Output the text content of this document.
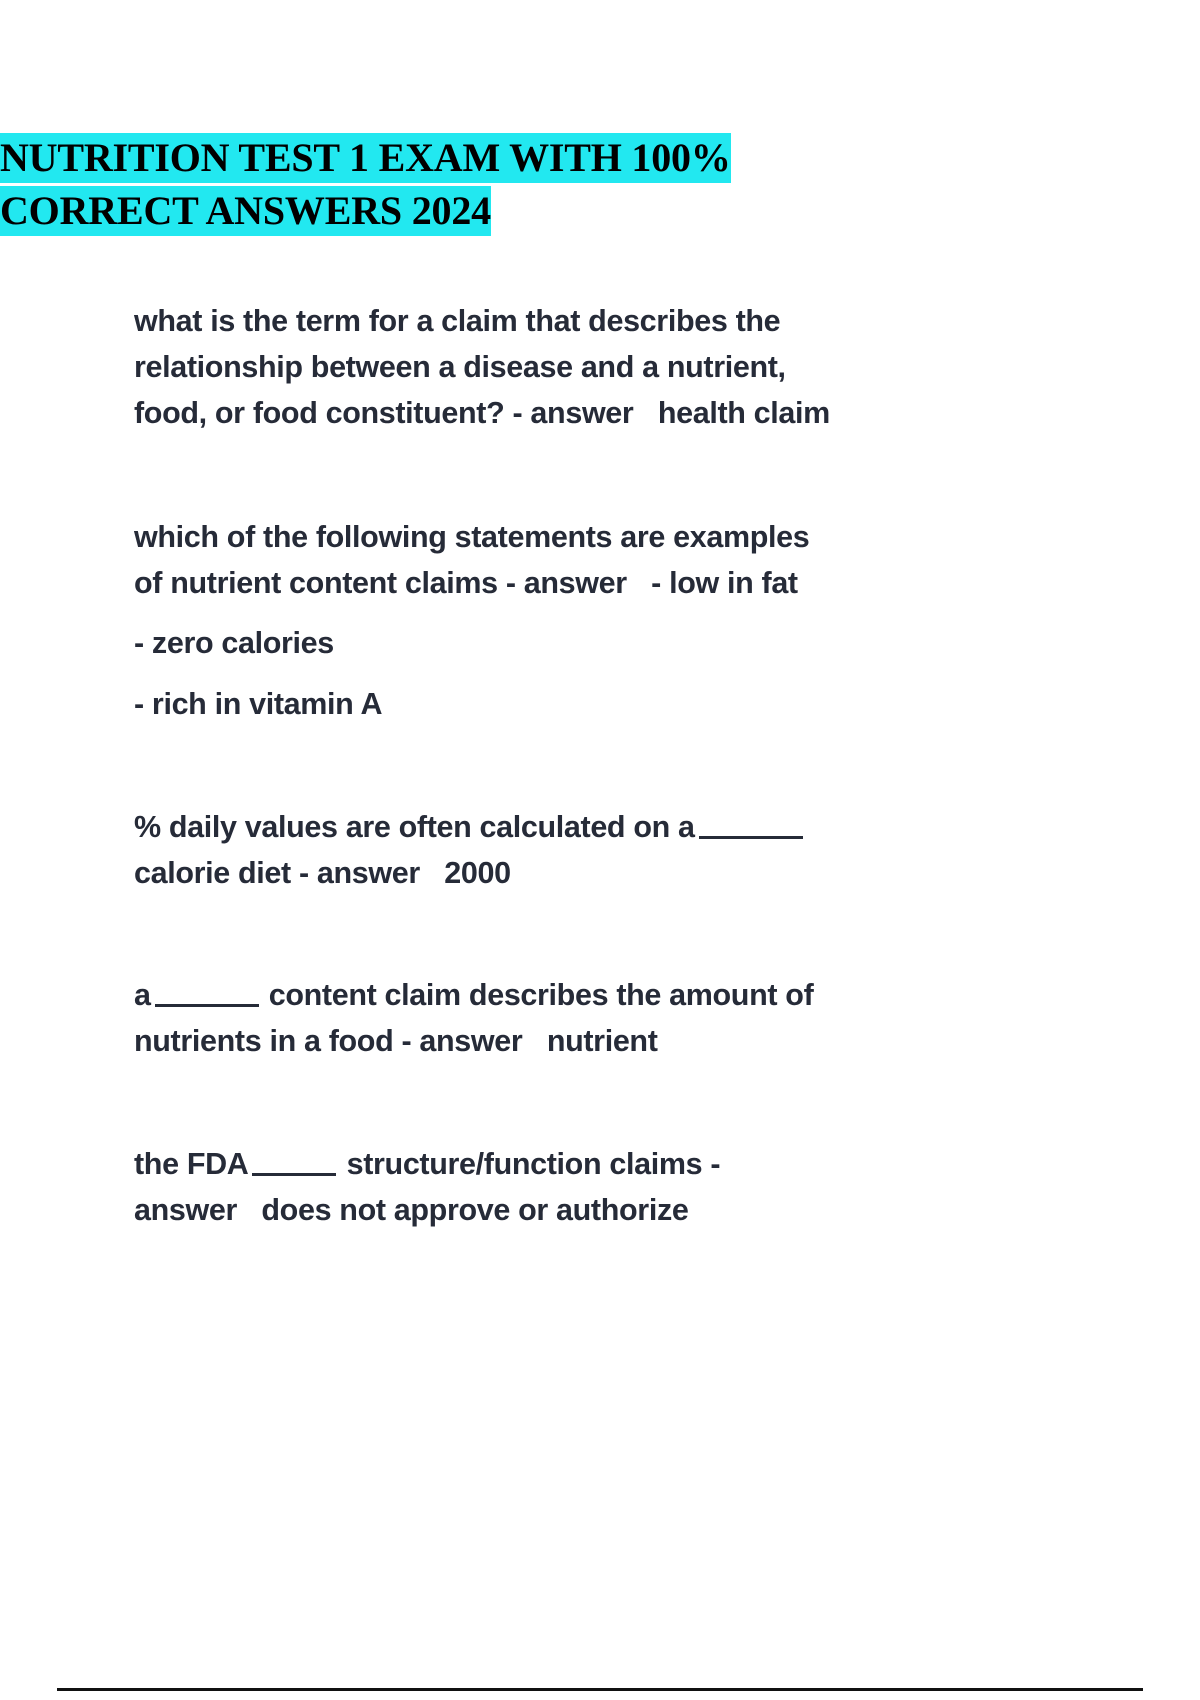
NUTRITION TEST 1 EXAM WITH 100%
CORRECT ANSWERS 2024
what is the term for a claim that describes the
relationship between a disease and a nutrient,
food, or food constituent? - answer health claim
which of the following statements are examples
of nutrient content claims - answer - low in fat
- zero calories
- rich in vitamin A
% daily values are often calculated on a
calorie diet - answer 2000
a	content claim describes the amount of
nutrients in a food - answer nutrient
the FDA	structure/function claims -
answer does not approve or authorize
